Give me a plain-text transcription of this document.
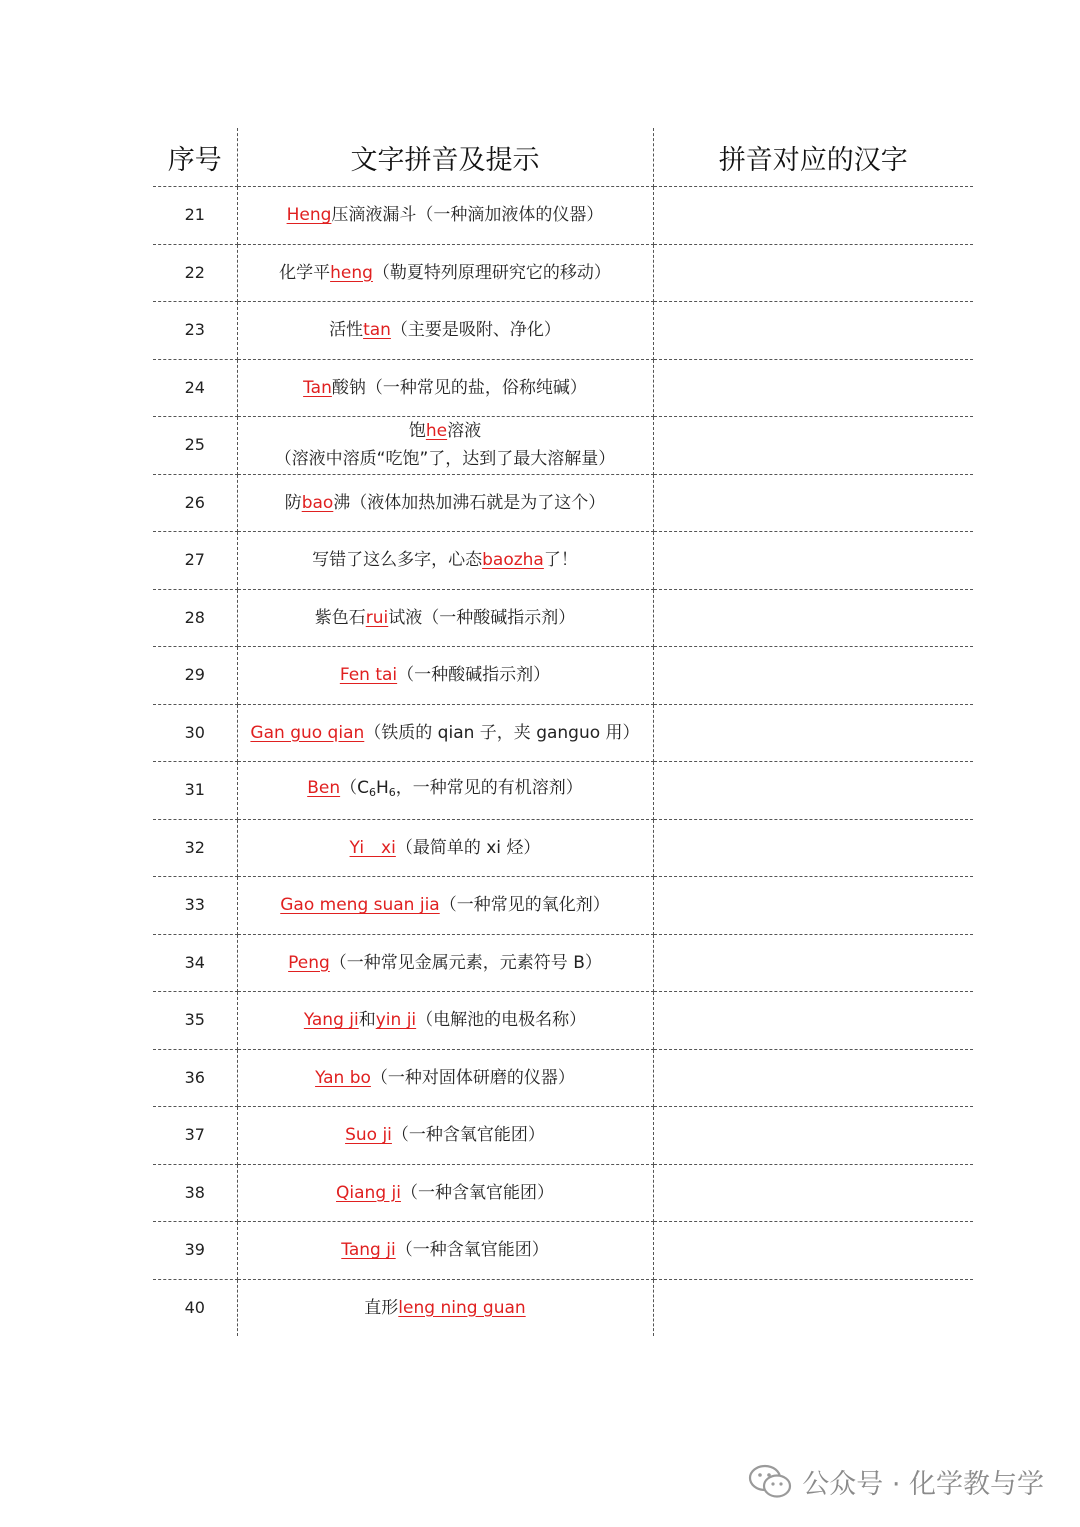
序号	文字拼音及提示	拼音对应的汉字
21	Heng压滴液漏斗（一种滴加液体的仪器）	

22	化学平heng（勒夏特列原理研究它的移动）	

23	活性tan（主要是吸附、净化）	

24	Tan酸钠（一种常见的盐，俗称纯碱）	

25	饱he溶液
（溶液中溶质“吃饱”了，达到了最大溶解量）	

26	防bao沸（液体加热加沸石就是为了这个）	

27	写错了这么多字，心态baozha了！	

28	紫色石rui试液（一种酸碱指示剂）	

29	Fen tai（一种酸碱指示剂）	

30	Gan guo qian（铁质的 qian 子，夹 ganguo 用）	

31	$Ben(C_6H_6$，一种常见的有机溶剂）	

32	Yi　xi（最简单的 xi 烃）	

33	Gao meng suan jia（一种常见的氧化剂）	

34	Peng（一种常见金属元素，元素符号 B）	

35	Yang ji和yin ji（电解池的电极名称）	

36	Yan bo（一种对固体研磨的仪器）	

37	Suo ji（一种含氧官能团）	

38	Qiang ji（一种含氧官能团）	

39	Tang ji（一种含氧官能团）	

40	直形leng ning guan	

公众号 · 化学教与学
